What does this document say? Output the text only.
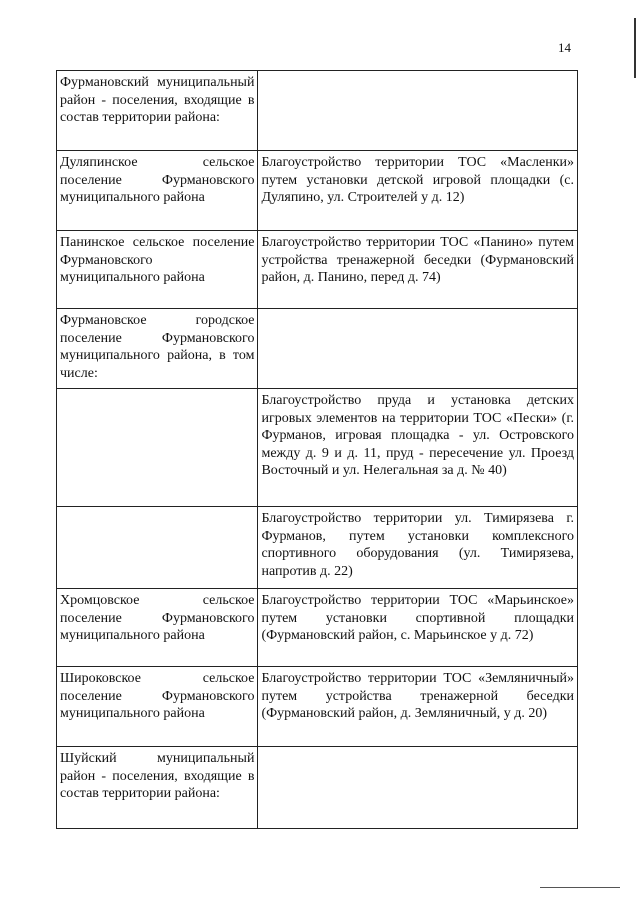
14
Фурмановский муниципальный район - поселения, входящие в состав территории района:	

Дуляпинское сельское поселение Фурмановского муниципального района	Благоустройство территории ТОС «Масленки» путем установки детской игровой площадки (с. Дуляпино, ул. Строителей у д. 12)

Панинское сельское поселение Фурмановского муниципального района	Благоустройство территории ТОС «Панино» путем устройства тренажерной беседки (Фурмановский район, д. Панино, перед д. 74)

Фурмановское городское поселение Фурмановского муниципального района, в том числе:	

	Благоустройство пруда и установка детских игровых элементов на территории ТОС «Пески» (г. Фурманов, игровая площадка - ул. Островского между д. 9 и д. 11, пруд - пересечение ул. Проезд Восточный и ул. Нелегальная за д. № 40)

	Благоустройство территории ул. Тимирязева г. Фурманов, путем установки комплексного спортивного оборудования (ул. Тимирязева, напротив д. 22)

Хромцовское сельское поселение Фурмановского муниципального района	Благоустройство территории ТОС «Марьинское» путем установки спортивной площадки (Фурмановский район, с. Марьинское у д. 72)

Широковское сельское поселение Фурмановского муниципального района	Благоустройство территории ТОС «Земляничный» путем устройства тренажерной беседки (Фурмановский район, д. Земляничный, у д. 20)

Шуйский муниципальный район - поселения, входящие в состав территории района:	
